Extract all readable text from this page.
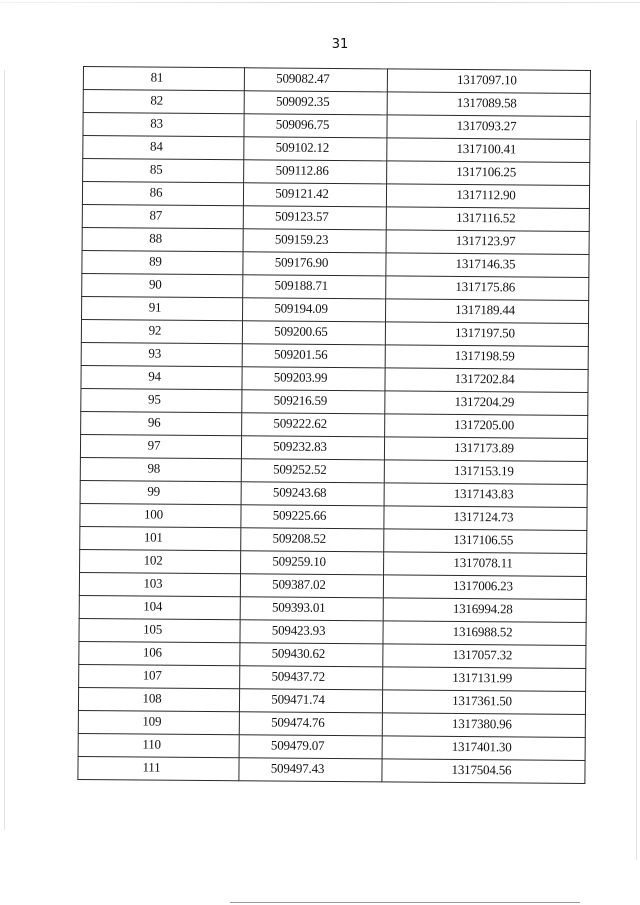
31
81	509082.47	1317097.10
82	509092.35	1317089.58
83	509096.75	1317093.27
84	509102.12	1317100.41
85	509112.86	1317106.25
86	509121.42	1317112.90
87	509123.57	1317116.52
88	509159.23	1317123.97
89	509176.90	1317146.35
90	509188.71	1317175.86
91	509194.09	1317189.44
92	509200.65	1317197.50
93	509201.56	1317198.59
94	509203.99	1317202.84
95	509216.59	1317204.29
96	509222.62	1317205.00
97	509232.83	1317173.89
98	509252.52	1317153.19
99	509243.68	1317143.83
100	509225.66	1317124.73
101	509208.52	1317106.55
102	509259.10	1317078.11
103	509387.02	1317006.23
104	509393.01	1316994.28
105	509423.93	1316988.52
106	509430.62	1317057.32
107	509437.72	1317131.99
108	509471.74	1317361.50
109	509474.76	1317380.96
110	509479.07	1317401.30
111	509497.43	1317504.56
